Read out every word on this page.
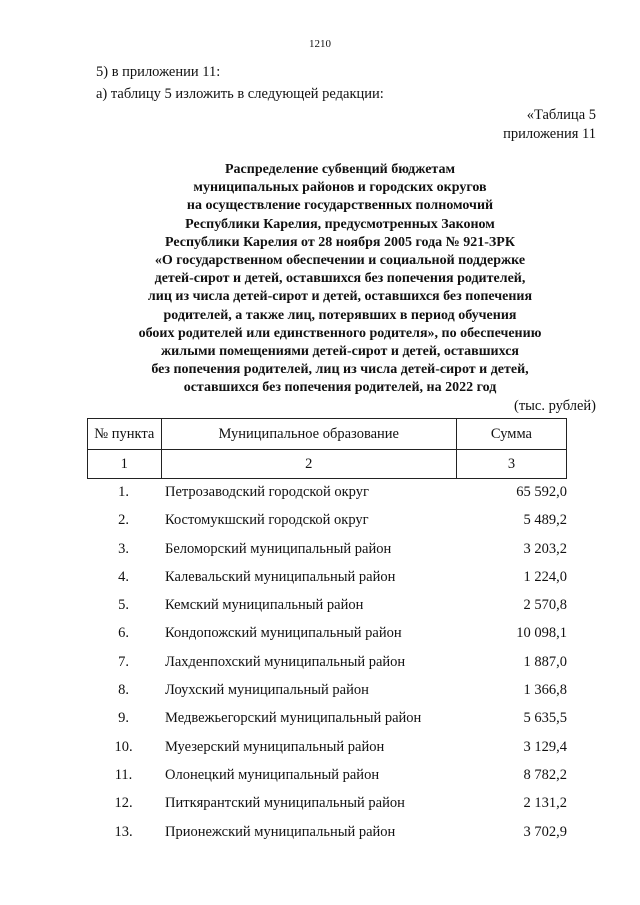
1210
5) в приложении 11:
а) таблицу 5 изложить в следующей редакции:
«Таблица 5
приложения 11
Распределение субвенций бюджетам
муниципальных районов и городских округов
на осуществление государственных полномочий
Республики Карелия, предусмотренных Законом
Республики Карелия от 28 ноября 2005 года № 921-ЗРК
«О государственном обеспечении и социальной поддержке
детей-сирот и детей, оставшихся без попечения родителей,
лиц из числа детей-сирот и детей, оставшихся без попечения
родителей, а также лиц, потерявших в период обучения
обоих родителей или единственного родителя», по обеспечению
жилыми помещениями детей-сирот и детей, оставшихся
без попечения родителей, лиц из числа детей-сирот и детей,
оставшихся без попечения родителей, на 2022 год
(тыс. рублей)
№ пункта	Муниципальное образование	Сумма
1	2	3
1.	Петрозаводский городской округ	65 592,0
2.	Костомукшский городской округ	5 489,2
3.	Беломорский муниципальный район	3 203,2
4.	Калевальский муниципальный район	1 224,0
5.	Кемский муниципальный район	2 570,8
6.	Кондопожский муниципальный район	10 098,1
7.	Лахденпохский муниципальный район	1 887,0
8.	Лоухский муниципальный район	1 366,8
9.	Медвежьегорский муниципальный район	5 635,5
10.	Муезерский муниципальный район	3 129,4
11.	Олонецкий муниципальный район	8 782,2
12.	Питкярантский муниципальный район	2 131,2
13.	Прионежский муниципальный район	3 702,9
